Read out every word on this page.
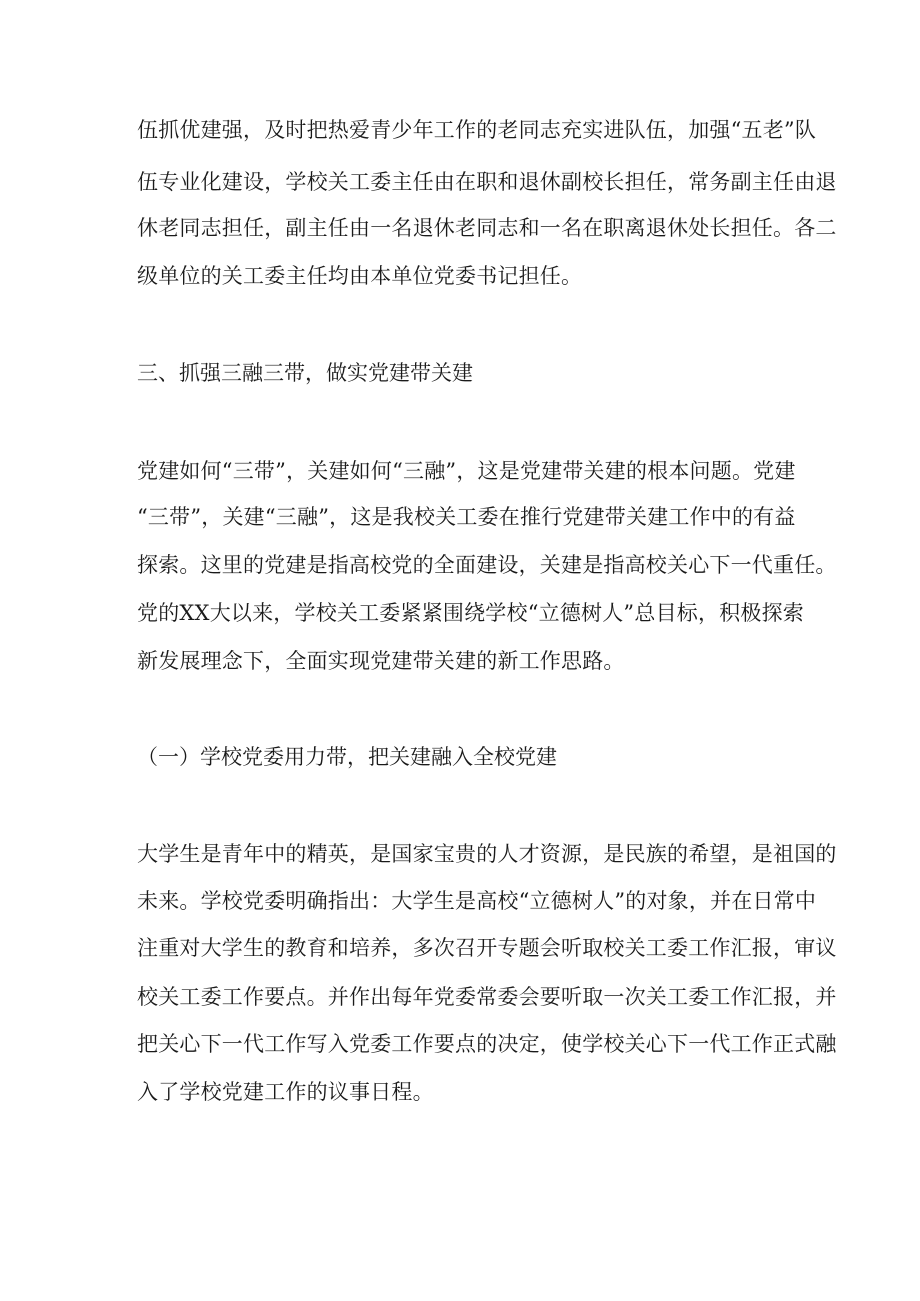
伍抓优建强，及时把热爱青少年工作的老同志充实进队伍，加强“五老”队
伍专业化建设，学校关工委主任由在职和退休副校长担任，常务副主任由退
休老同志担任，副主任由一名退休老同志和一名在职离退休处长担任。各二
级单位的关工委主任均由本单位党委书记担任。
三、抓强三融三带，做实党建带关建
党建如何“三带”，关建如何“三融”，这是党建带关建的根本问题。党建
“三带”，关建“三融”，这是我校关工委在推行党建带关建工作中的有益
探索。这里的党建是指高校党的全面建设，关建是指高校关心下一代重任。
党的XX大以来，学校关工委紧紧围绕学校“立德树人”总目标，积极探索
新发展理念下，全面实现党建带关建的新工作思路。
（一）学校党委用力带，把关建融入全校党建
大学生是青年中的精英，是国家宝贵的人才资源，是民族的希望，是祖国的
未来。学校党委明确指出：大学生是高校“立德树人”的对象，并在日常中
注重对大学生的教育和培养，多次召开专题会听取校关工委工作汇报，审议
校关工委工作要点。并作出每年党委常委会要听取一次关工委工作汇报，并
把关心下一代工作写入党委工作要点的决定，使学校关心下一代工作正式融
入了学校党建工作的议事日程。
